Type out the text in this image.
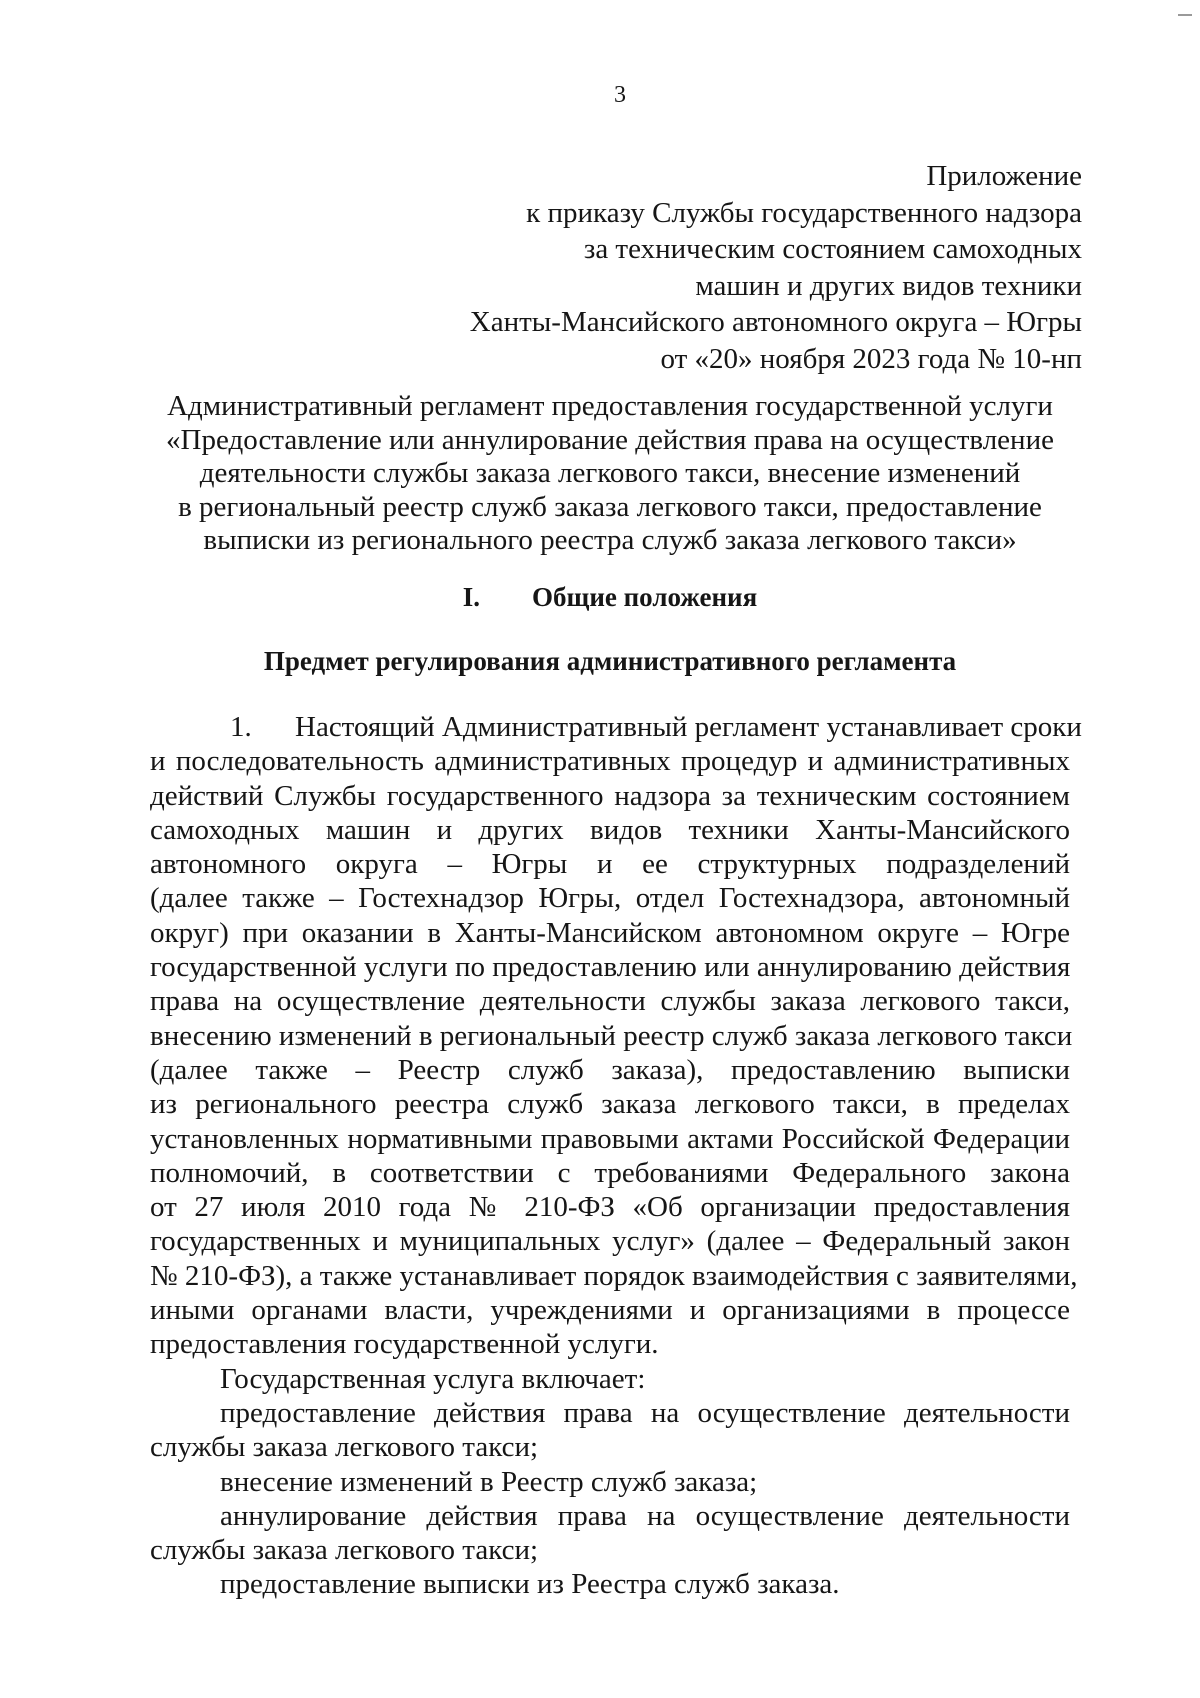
3
Приложение
к приказу Службы государственного надзора
за техническим состоянием самоходных
машин и других видов техники
Ханты-Мансийского автономного округа – Югры
от «20» ноября 2023 года № 10-нп
Административный регламент предоставления государственной услуги
«Предоставление или аннулирование действия права на осуществление
деятельности службы заказа легкового такси, внесение изменений
в региональный реестр служб заказа легкового такси, предоставление
выписки из регионального реестра служб заказа легкового такси»
I. Общие положения
Предмет регулирования административного регламента
1. Настоящий Административный регламент устанавливает сроки
и последовательность административных процедур и административных
действий Службы государственного надзора за техническим состоянием
самоходных машин и других видов техники Ханты-Мансийского
автономного округа – Югры и ее структурных подразделений
(далее также – Гостехнадзор Югры, отдел Гостехнадзора, автономный
округ) при оказании в Ханты-Мансийском автономном округе – Югре
государственной услуги по предоставлению или аннулированию действия
права на осуществление деятельности службы заказа легкового такси,
внесению изменений в региональный реестр служб заказа легкового такси
(далее также – Реестр служб заказа), предоставлению выписки
из регионального реестра служб заказа легкового такси, в пределах
установленных нормативными правовыми актами Российской Федерации
полномочий, в соответствии с требованиями Федерального закона
от 27 июля 2010 года № 210-ФЗ «Об организации предоставления
государственных и муниципальных услуг» (далее – Федеральный закон
№ 210-ФЗ), а также устанавливает порядок взаимодействия с заявителями,
иными органами власти, учреждениями и организациями в процессе
предоставления государственной услуги.
Государственная услуга включает:
предоставление действия права на осуществление деятельности
службы заказа легкового такси;
внесение изменений в Реестр служб заказа;
аннулирование действия права на осуществление деятельности
службы заказа легкового такси;
предоставление выписки из Реестра служб заказа.
